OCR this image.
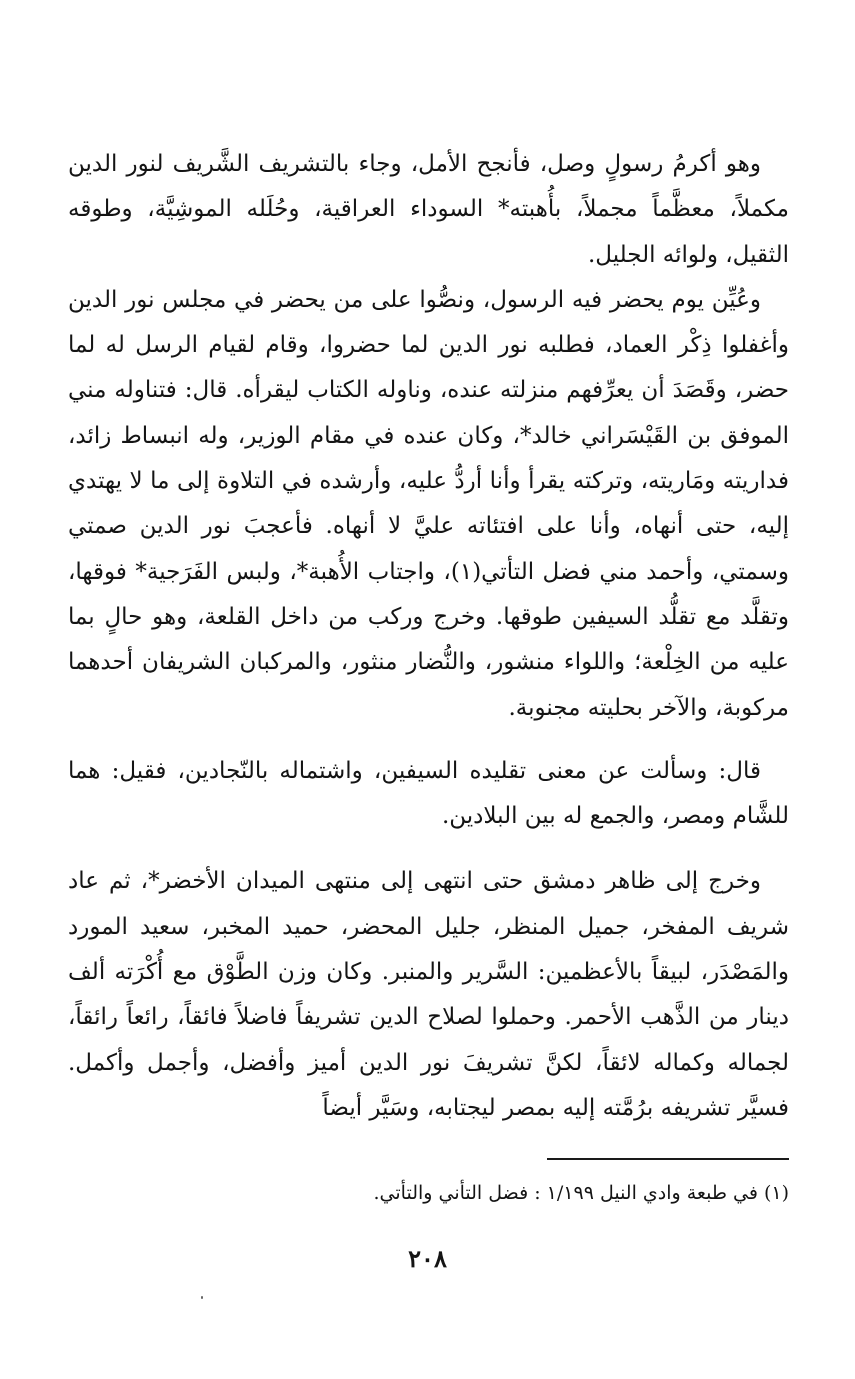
وهو أكرمُ رسولٍ وصل، فأنجح الأمل، وجاء بالتشريف الشَّريف لنور الدين مكملاً، معظَّماً مجملاً، بأُهبته* السوداء العراقية، وحُلَله الموشِيَّة، وطوقه الثقيل، ولوائه الجليل.

وعُيِّن يوم يحضر فيه الرسول، ونصُّوا على من يحضر في مجلس نور الدين وأغفلوا ذِكْر العماد، فطلبه نور الدين لما حضروا، وقام لقيام الرسل له لما حضر، وقَصَدَ أن يعرِّفهم منزلته عنده، وناوله الكتاب ليقرأه. قال: فتناوله مني الموفق بن القَيْسَراني خالد*، وكان عنده في مقام الوزير، وله انبساط زائد، فداريته ومَاريته، وتركته يقرأ وأنا أردُّ عليه، وأرشده في التلاوة إلى ما لا يهتدي إليه، حتى أنهاه، وأنا على افتئاته عليَّ لا أنهاه. فأعجبَ نور الدين صمتي وسمتي، وأحمد مني فضل التأتي(١)، واجتاب الأُهبة*، ولبس الفَرَجية* فوقها، وتقلَّد مع تقلُّد السيفين طوقها. وخرج وركب من داخل القلعة، وهو حالٍ بما عليه من الخِلْعة؛ واللواء منشور، والنُّضار منثور، والمركبان الشريفان أحدهما مركوبة، والآخر بحليته مجنوبة.

قال: وسألت عن معنى تقليده السيفين، واشتماله بالنّجادين، فقيل: هما للشَّام ومصر، والجمع له بين البلادين.

وخرج إلى ظاهر دمشق حتى انتهى إلى منتهى الميدان الأخضر*، ثم عاد شريف المفخر، جميل المنظر، جليل المحضر، حميد المخبر، سعيد المورد والمَصْدَر، لبيقاً بالأعظمين: السَّرير والمنبر. وكان وزن الطَّوْق مع أُكْرَته ألف دينار من الذَّهب الأحمر. وحملوا لصلاح الدين تشريفاً فاضلاً فائقاً، رائعاً رائقاً، لجماله وكماله لائقاً، لكنَّ تشريفَ نور الدين أميز وأفضل، وأجمل وأكمل. فسيَّر تشريفه برُمَّته إليه بمصر ليجتابه، وسَيَّر أيضاً

(١) في طبعة وادي النيل ١/١٩٩ : فضل التأني والتأتي.

٢٠٨
